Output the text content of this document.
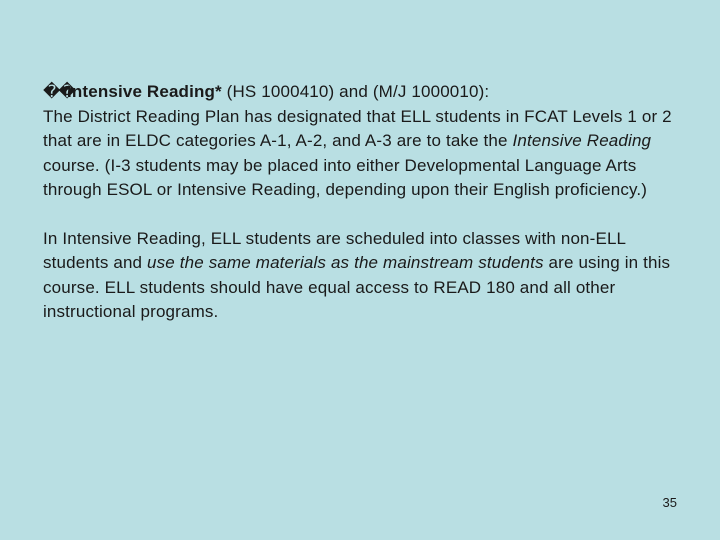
��Intensive Reading* (HS 1000410) and (M/J 1000010):
The District Reading Plan has designated that ELL students in FCAT Levels 1 or 2 that are in ELDC categories A-1, A-2, and A-3 are to take the Intensive Reading course. (I-3 students may be placed into either Developmental Language Arts through ESOL or Intensive Reading, depending upon their English proficiency.)

In Intensive Reading, ELL students are scheduled into classes with non-ELL students and use the same materials as the mainstream students are using in this course. ELL students should have equal access to READ 180 and all other instructional programs.

35
